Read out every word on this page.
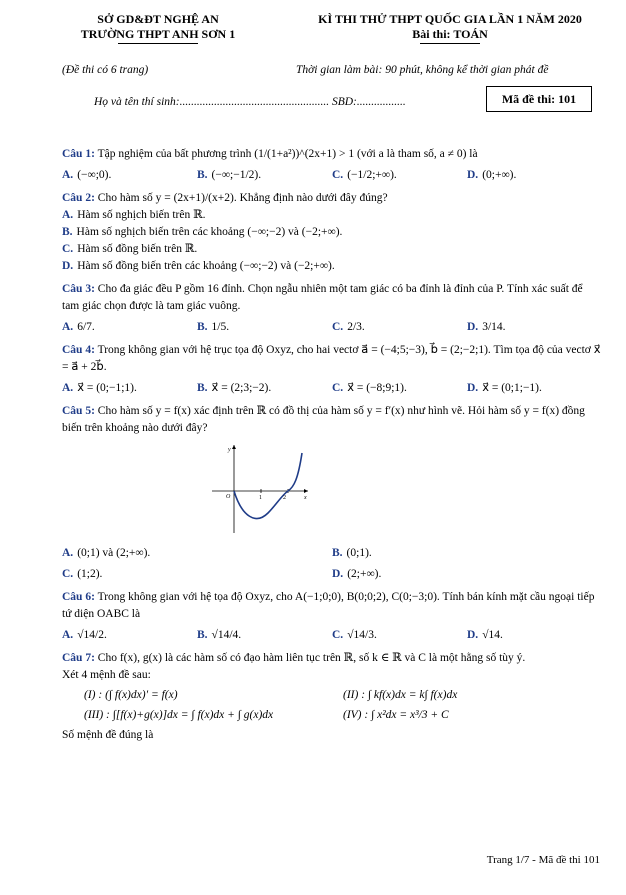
SỞ GD&ĐT NGHỆ AN
TRƯỜNG THPT ANH SƠN 1
KÌ THI THỬ THPT QUỐC GIA LẦN 1 NĂM 2020
Bài thi: TOÁN
(Đề thi có 6 trang)	Thời gian làm bài: 90 phút, không kể thời gian phát đề
Họ và tên thí sinh:.................................................... SBD:.................	Mã đề thi: 101
Câu 1: Tập nghiệm của bất phương trình (1/(1+a²))^(2x+1) > 1 (với a là tham số, a ≠ 0) là
A. (−∞;0).	B. (−∞;−1/2).	C. (−1/2;+∞).	D. (0;+∞).
Câu 2: Cho hàm số y = (2x+1)/(x+2). Khẳng định nào dưới đây đúng?
A. Hàm số nghịch biến trên ℝ.
B. Hàm số nghịch biến trên các khoảng (−∞;−2) và (−2;+∞).
C. Hàm số đồng biến trên ℝ.
D. Hàm số đồng biến trên các khoảng (−∞;−2) và (−2;+∞).
Câu 3: Cho đa giác đều P gồm 16 đỉnh. Chọn ngẫu nhiên một tam giác có ba đỉnh là đỉnh của P. Tính xác suất để tam giác chọn được là tam giác vuông.
A. 6/7.	B. 1/5.	C. 2/3.	D. 3/14.
Câu 4: Trong không gian với hệ trục tọa độ Oxyz, cho hai vectơ a⃗ = (−4;5;−3), b⃗ = (2;−2;1). Tìm tọa độ của vectơ x⃗ = a⃗ + 2b⃗.
A. x⃗ = (0;−1;1).	B. x⃗ = (2;3;−2).	C. x⃗ = (−8;9;1).	D. x⃗ = (0;1;−1).
Câu 5: Cho hàm số y = f(x) xác định trên ℝ có đồ thị của hàm số y = f′(x) như hình vẽ. Hỏi hàm số y = f(x) đồng biến trên khoảng nào dưới đây?
y
x
O	1	2
A. (0;1) và (2;+∞).	B. (0;1).
C. (1;2).	D. (2;+∞).
Câu 6: Trong không gian với hệ tọa độ Oxyz, cho A(−1;0;0), B(0;0;2), C(0;−3;0). Tính bán kính mặt cầu ngoại tiếp tứ diện OABC là
A. √14/2.	B. √14/4.	C. √14/3.	D. √14.
Câu 7: Cho f(x), g(x) là các hàm số có đạo hàm liên tục trên ℝ, số k ∈ ℝ và C là một hằng số tùy ý.
Xét 4 mệnh đề sau:
(I) : (∫ f(x)dx)′ = f(x)	(II) : ∫ kf(x)dx = k∫ f(x)dx
(III) : ∫[f(x)+g(x)]dx = ∫ f(x)dx + ∫ g(x)dx	(IV) : ∫ x²dx = x³/3 + C
Số mệnh đề đúng là
Trang 1/7 - Mã đề thi 101
